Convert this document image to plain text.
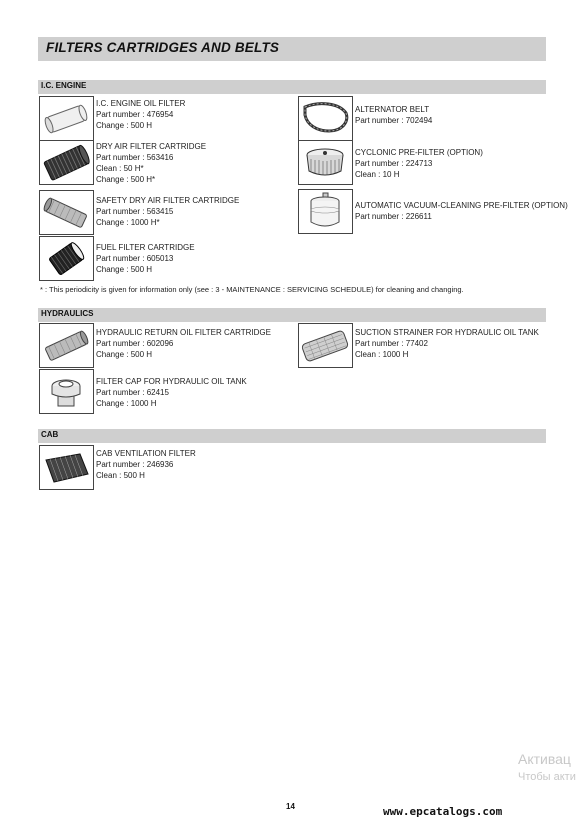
FILTERS CARTRIDGES AND BELTS
I.C. ENGINE
I.C. ENGINE OIL FILTER
Part number : 476954
Change : 500 H
DRY AIR FILTER CARTRIDGE
Part number : 563416
Clean : 50 H*
Change : 500 H*
SAFETY DRY AIR FILTER CARTRIDGE
Part number : 563415
Change : 1000 H*
FUEL FILTER CARTRIDGE
Part number : 605013
Change : 500 H
ALTERNATOR BELT
Part number : 702494
CYCLONIC PRE-FILTER (OPTION)
Part number : 224713
Clean : 10 H
AUTOMATIC VACUUM-CLEANING PRE-FILTER (OPTION)
Part number : 226611
* : This periodicity is given for information only (see : 3 - MAINTENANCE : SERVICING SCHEDULE) for cleaning and changing.
HYDRAULICS
HYDRAULIC RETURN OIL FILTER CARTRIDGE
Part number : 602096
Change : 500 H
FILTER CAP FOR HYDRAULIC OIL TANK
Part number : 62415
Change : 1000 H
SUCTION STRAINER FOR HYDRAULIC OIL TANK
Part number : 77402
Clean : 1000 H
CAB
CAB VENTILATION FILTER
Part number : 246936
Clean : 500 H
Активац
Чтобы акти
14	www.epcatalogs.com
